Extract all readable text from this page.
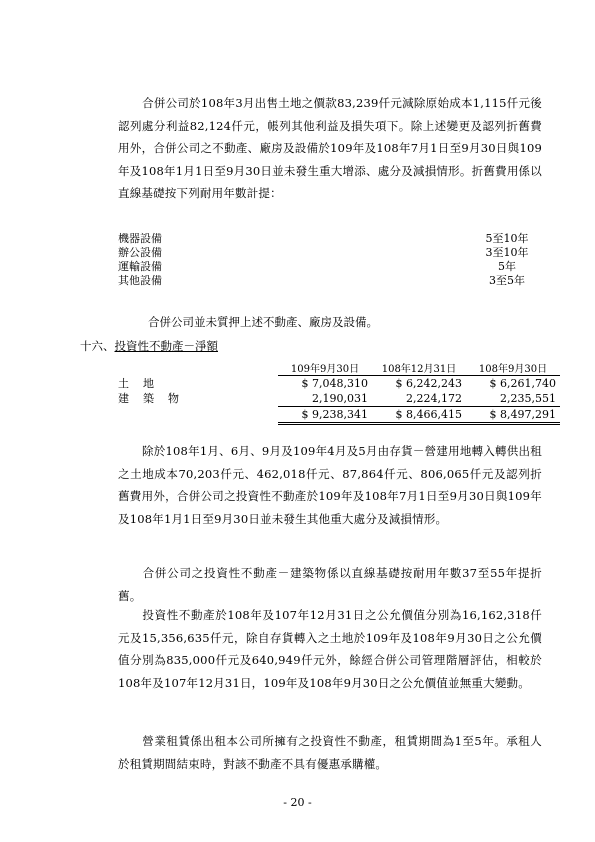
合併公司於108年3月出售土地之價款83,239仟元減除原始成本1,115仟元後認列處分利益82,124仟元，帳列其他利益及損失項下。除上述變更及認列折舊費用外，合併公司之不動產、廠房及設備於109年及108年7月1日至9月30日與109年及108年1月1日至9月30日並未發生重大增添、處分及減損情形。折舊費用係以直線基礎按下列耐用年數計提：

機器設備	5至10年
辦公設備	3至10年
運輸設備	5年
其他設備	3至5年
合併公司並未質押上述不動產、廠房及設備。
十六、投資性不動產－淨額
	109年9月30日	108年12月31日	108年9月30日
土地	$ 7,048,310	$ 6,242,243	$ 6,261,740
建築物	2,190,031	2,224,172	2,235,551
	$ 9,238,341	$ 8,466,415	$ 8,497,291

除於108年1月、6月、9月及109年4月及5月由存貨－營建用地轉入轉供出租之土地成本70,203仟元、462,018仟元、87,864仟元、806,065仟元及認列折舊費用外，合併公司之投資性不動產於109年及108年7月1日至9月30日與109年及108年1月1日至9月30日並未發生其他重大處分及減損情形。

合併公司之投資性不動產－建築物係以直線基礎按耐用年數37至55年提折舊。

投資性不動產於108年及107年12月31日之公允價值分別為16,162,318仟元及15,356,635仟元，除自存貨轉入之土地於109年及108年9月30日之公允價值分別為835,000仟元及640,949仟元外，餘經合併公司管理階層評估，相較於108年及107年12月31日，109年及108年9月30日之公允價值並無重大變動。

營業租賃係出租本公司所擁有之投資性不動產，租賃期間為1至5年。承租人於租賃期間結束時，對該不動產不具有優惠承購權。

- 20 -
